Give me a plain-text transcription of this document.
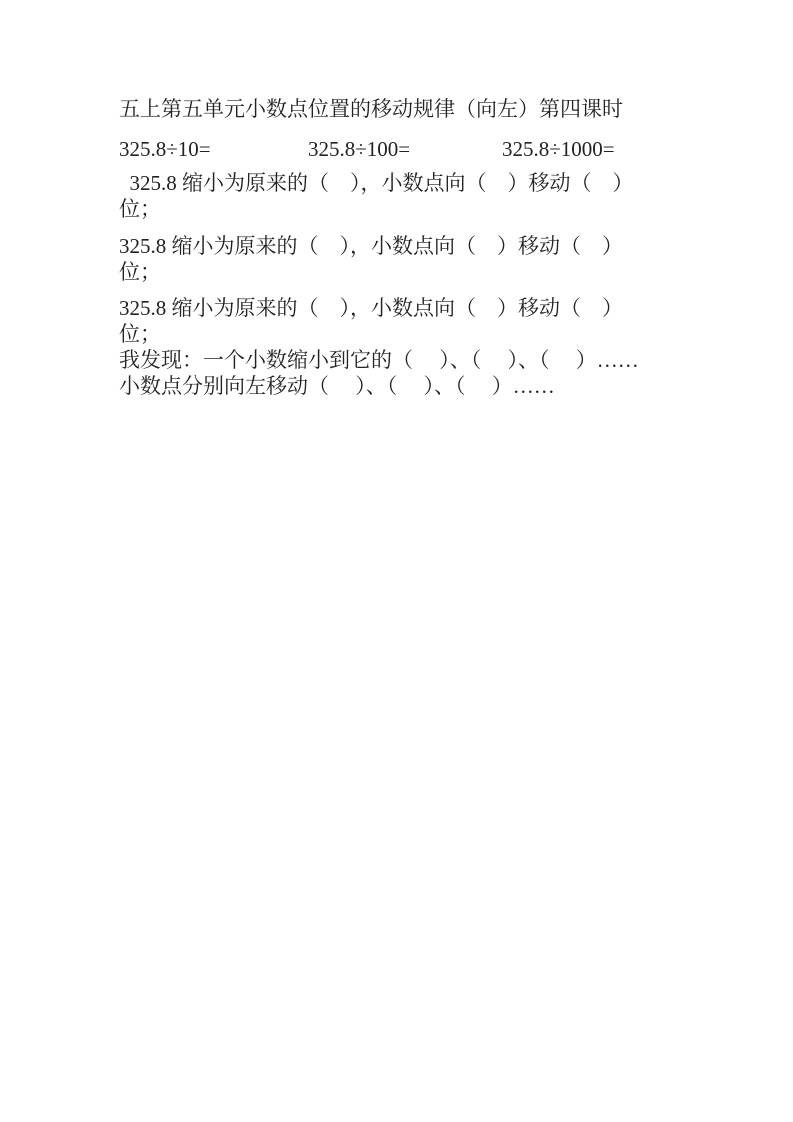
五上第五单元小数点位置的移动规律（向左）第四课时
325.8÷10=	325.8÷100=	325.8÷1000=

325.8 缩小为原来的（    ），小数点向（    ）移动（    ）
位；

325.8 缩小为原来的（    ），小数点向（    ）移动（    ）
位；

325.8 缩小为原来的（    ），小数点向（    ）移动（    ）
位；

我发现：一个小数缩小到它的（     ）、（     ）、（     ）……
小数点分别向左移动（     ）、（     ）、（     ）……
